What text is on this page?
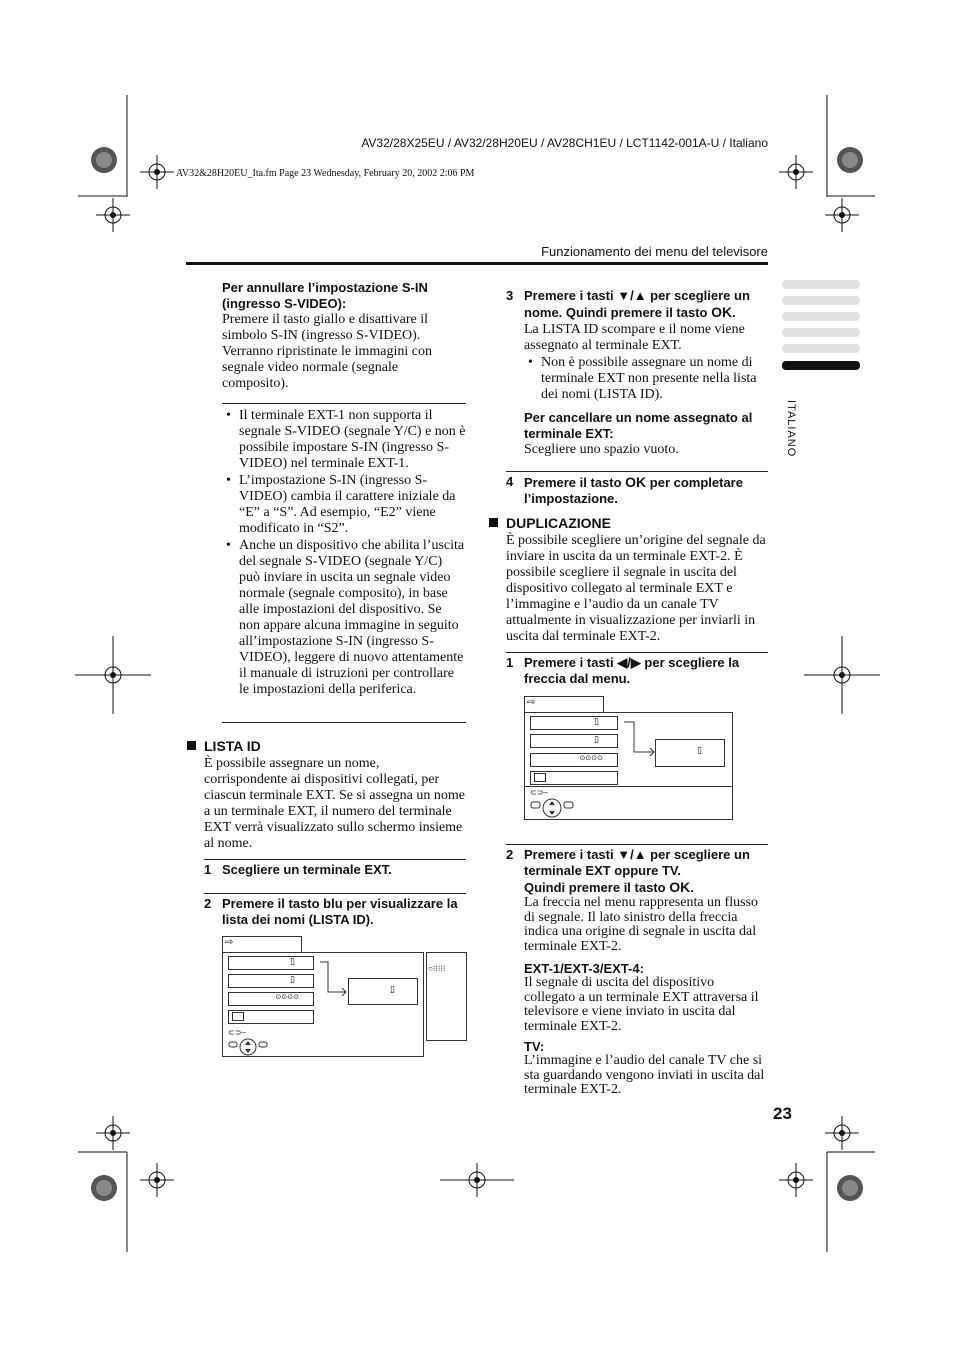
AV32/28X25EU / AV32/28H20EU / AV28CH1EU / LCT1142-001A-U / Italiano
AV32&28H20EU_Ita.fm Page 23 Wednesday, February 20, 2002 2:06 PM
Funzionamento dei menu del televisore
ITALIANO
Per annullare l’impostazione S-IN (ingresso S-VIDEO):
Premere il tasto giallo e disattivare il simbolo S-IN (ingresso S-VIDEO). Verranno ripristinate le immagini con segnale video normale (segnale composito).
• Il terminale EXT-1 non supporta il segnale S-VIDEO (segnale Y/C) e non è possibile impostare S-IN (ingresso S-VIDEO) nel terminale EXT-1.
• L’impostazione S-IN (ingresso S-VIDEO) cambia il carattere iniziale da “E” a “S”. Ad esempio, “E2” viene modificato in “S2”.
• Anche un dispositivo che abilita l’uscita del segnale S-VIDEO (segnale Y/C) può inviare in uscita un segnale video normale (segnale composito), in base alle impostazioni del dispositivo. Se non appare alcuna immagine in seguito all’impostazione S-IN (ingresso S-VIDEO), leggere di nuovo attentamente il manuale di istruzioni per controllare le impostazioni della periferica.
LISTA ID
È possibile assegnare un nome, corrispondente ai dispositivi collegati, per ciascun terminale EXT. Se si assegna un nome a un terminale EXT, il numero del terminale EXT verrà visualizzato sullo schermo insieme al nome.
1 Scegliere un terminale EXT.
2 Premere il tasto blu per visualizzare la lista dei nomi (LISTA ID).
⇨
▯
▯
⊙⊙⊙⊙
▯
⊂⊃–
○⁝⁝⁝⁝⁝
3 Premere i tasti ▼/▲ per scegliere un nome. Quindi premere il tasto OK.
La LISTA ID scompare e il nome viene assegnato al terminale EXT.
• Non è possibile assegnare un nome di terminale EXT non presente nella lista dei nomi (LISTA ID).
Per cancellare un nome assegnato al terminale EXT:
Scegliere uno spazio vuoto.
4 Premere il tasto OK per completare l’impostazione.
DUPLICAZIONE
È possibile scegliere un’origine del segnale da inviare in uscita da un terminale EXT-2. È possibile scegliere il segnale in uscita del dispositivo collegato al terminale EXT e l’immagine e l’audio da un canale TV attualmente in visualizzazione per inviarli in uscita dal terminale EXT-2.
1 Premere i tasti ◀/▶ per scegliere la freccia dal menu.
⇨
▯
▯
⊙⊙⊙⊙
▯
⊂⊃–
2 Premere i tasti ▼/▲ per scegliere un terminale EXT oppure TV.
Quindi premere il tasto OK.
La freccia nel menu rappresenta un flusso di segnale. Il lato sinistro della freccia indica una origine di segnale in uscita dal terminale EXT-2.
EXT-1/EXT-3/EXT-4:
Il segnale di uscita del dispositivo collegato a un terminale EXT attraversa il televisore e viene inviato in uscita dal terminale EXT-2.
TV:
L’immagine e l’audio del canale TV che si sta guardando vengono inviati in uscita dal terminale EXT-2.
23
